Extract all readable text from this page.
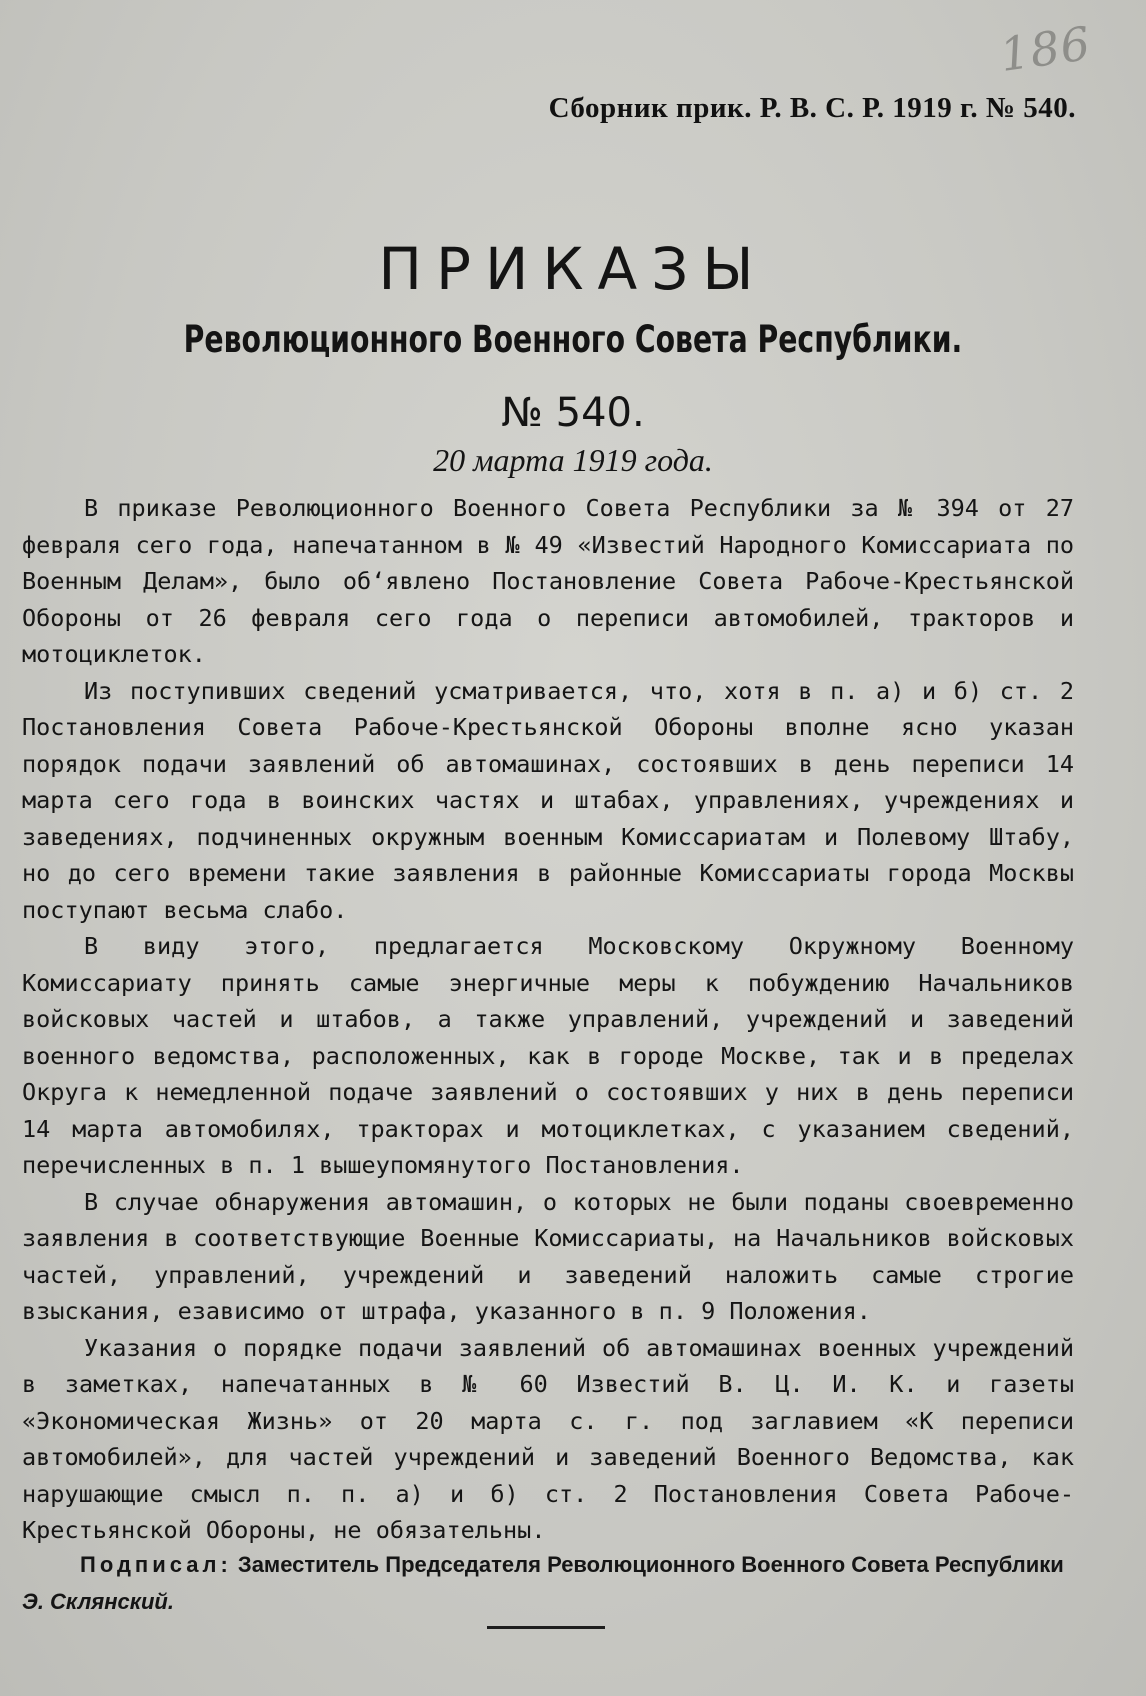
186
Сборник прик. Р. В. С. Р. 1919 г. № 540.
ПРИКАЗЫ
Революционного Военного Совета Республики.
№ 540.
20 марта 1919 года.

В приказе Революционного Военного Совета Республики за № 394 от 27 февраля сего года, напечатанном в № 49 «Известий Народного Комиссариата по Военным Делам», было об‘явлено Постановление Совета Рабоче-Крестьянской Обороны от 26 февраля сего года о переписи автомобилей, тракторов и мотоциклеток.

Из поступивших сведений усматривается, что, хотя в п. а) и б) ст. 2 Постановления Совета Рабоче-Крестьянской Обороны вполне ясно указан порядок подачи заявлений об автомашинах, состоявших в день переписи 14 марта сего года в воинских частях и штабах, управлениях, учреждениях и заведениях, подчиненных окружным военным Комиссариатам и Полевому Штабу, но до сего времени такие заявления в районные Комиссариаты города Москвы поступают весьма слабо.

В виду этого, предлагается Московскому Окружному Военному Комиссариату принять самые энергичные меры к побуждению Начальников войсковых частей и штабов, а также управлений, учреждений и заведений военного ведомства, расположенных, как в городе Москве, так и в пределах Округа к немедленной подаче заявлений о состоявших у них в день переписи 14 марта автомобилях, тракторах и мотоциклетках, с указанием сведений, перечисленных в п. 1 вышеупомянутого Постановления.

В случае обнаружения автомашин, о которых не были поданы своевременно заявления в соответствующие Военные Комиссариаты, на Начальников войсковых частей, управлений, учреждений и заведений наложить самые строгие взыскания, езависимо от штрафа, указанного в п. 9 Положения.

Указания о порядке подачи заявлений об автомашинах военных учреждений в заметках, напечатанных в № 60 Известий В. Ц. И. К. и газеты «Экономическая Жизнь» от 20 марта с. г. под заглавием «К переписи автомобилей», для частей учреждений и заведений Военного Ведомства, как нарушающие смысл п. п. а) и б) ст. 2 Постановления Совета Рабоче-Крестьянской Обороны, не обязательны.

Подписал: Заместитель Председателя Революционного Военного Совета Республики
Э. Склянский.
